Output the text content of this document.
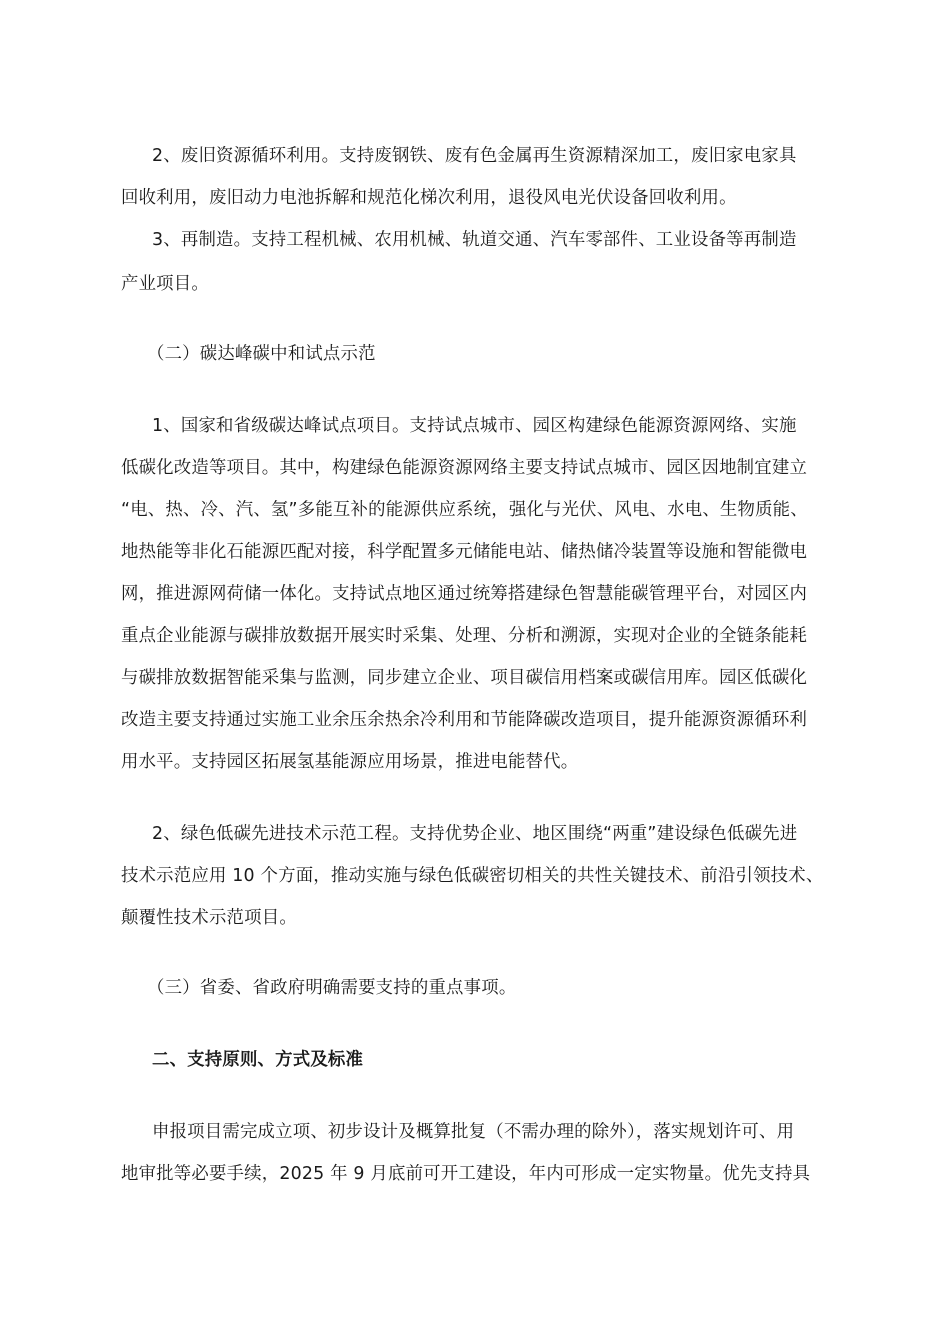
2、废旧资源循环利用。支持废钢铁、废有色金属再生资源精深加工，废旧家电家具
回收利用，废旧动力电池拆解和规范化梯次利用，退役风电光伏设备回收利用。
3、再制造。支持工程机械、农用机械、轨道交通、汽车零部件、工业设备等再制造
产业项目。
（二）碳达峰碳中和试点示范
1、国家和省级碳达峰试点项目。支持试点城市、园区构建绿色能源资源网络、实施
低碳化改造等项目。其中，构建绿色能源资源网络主要支持试点城市、园区因地制宜建立
“电、热、冷、汽、氢”多能互补的能源供应系统，强化与光伏、风电、水电、生物质能、
地热能等非化石能源匹配对接，科学配置多元储能电站、储热储冷装置等设施和智能微电
网，推进源网荷储一体化。支持试点地区通过统筹搭建绿色智慧能碳管理平台，对园区内
重点企业能源与碳排放数据开展实时采集、处理、分析和溯源，实现对企业的全链条能耗
与碳排放数据智能采集与监测，同步建立企业、项目碳信用档案或碳信用库。园区低碳化
改造主要支持通过实施工业余压余热余冷利用和节能降碳改造项目，提升能源资源循环利
用水平。支持园区拓展氢基能源应用场景，推进电能替代。
2、绿色低碳先进技术示范工程。支持优势企业、地区围绕“两重”建设绿色低碳先进
技术示范应用 10 个方面，推动实施与绿色低碳密切相关的共性关键技术、前沿引领技术、
颠覆性技术示范项目。
（三）省委、省政府明确需要支持的重点事项。
二、支持原则、方式及标准
申报项目需完成立项、初步设计及概算批复（不需办理的除外），落实规划许可、用
地审批等必要手续，2025 年 9 月底前可开工建设，年内可形成一定实物量。优先支持具
